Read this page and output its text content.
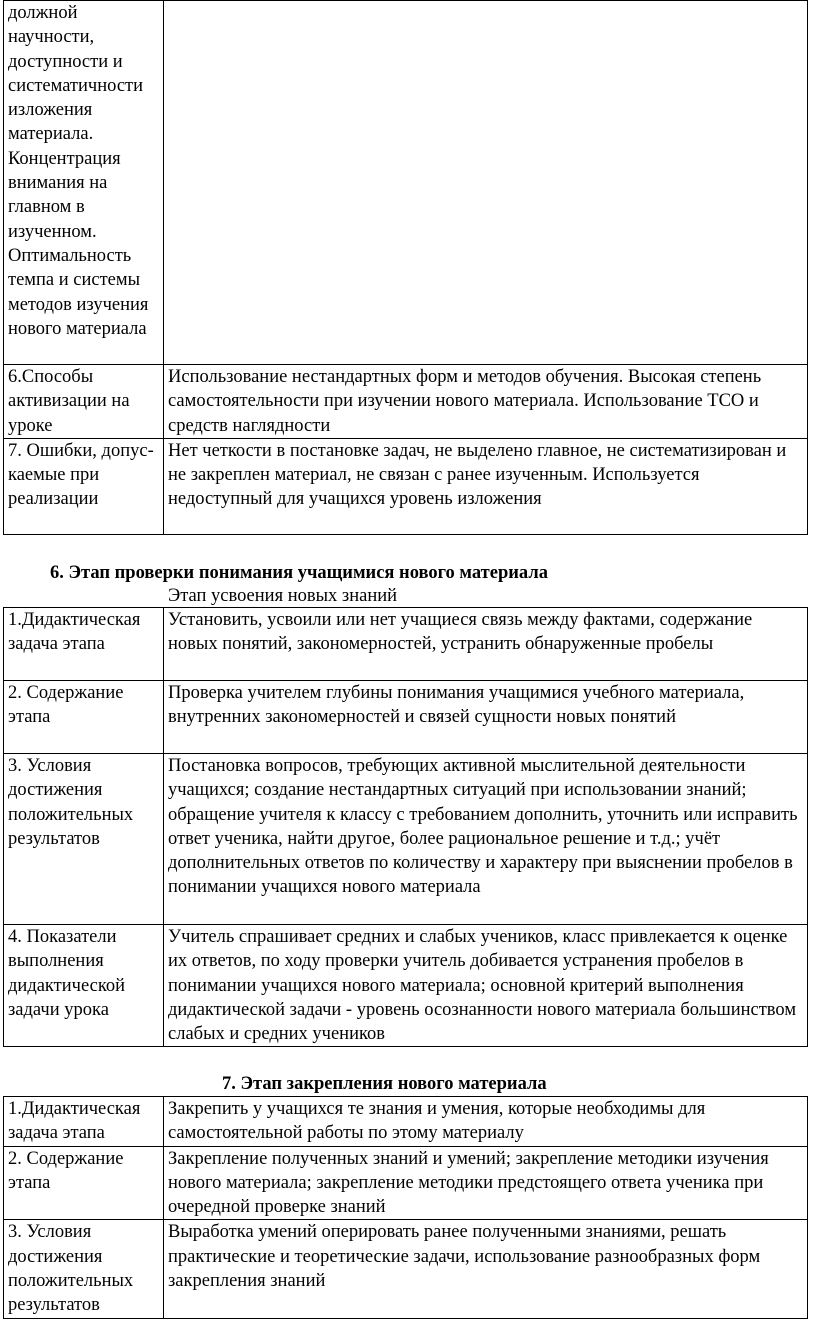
должной научности, доступности и систематичности изложения материала. Концентрация внимания на главном в изученном. Оптимальность темпа и системы методов изучения нового материала	
6.Способы активизации на уроке	Использование нестандартных форм и методов обучения. Высокая степень самостоятельности при изучении нового материала. Использование ТСО и средств наглядности
7. Ошибки, допус-каемые при реализации	Нет четкости в постановке задач, не выделено главное, не систематизирован и не закреплен материал, не связан с ранее изученным. Используется недоступный для учащихся уровень изложения
6. Этап проверки понимания учащимися нового материала
Этап усвоения новых знаний
1.Дидактическая задача этапа	Установить, усвоили или нет учащиеся связь между фактами, содержание новых понятий, закономерностей, устранить обнаруженные пробелы
2. Содержание этапа	Проверка учителем глубины понимания учащимися учебного материала, внутренних закономерностей и связей сущности новых понятий
3. Условия достижения положительных результатов	Постановка вопросов, требующих активной мыслительной деятельности учащихся; создание нестандартных ситуаций при использовании знаний; обращение учителя к классу с требованием дополнить, уточнить или исправить ответ ученика, найти другое, более рациональное решение и т.д.; учёт дополнительных ответов по количеству и характеру при выяснении пробелов в понимании учащихся нового материала
4. Показатели выполнения дидактической задачи урока	Учитель спрашивает средних и слабых учеников, класс привлекается к оценке их ответов, по ходу проверки учитель добивается устранения пробелов в понимании учащихся нового материала; основной критерий выполнения дидактической задачи - уровень осознанности нового материала большинством слабых и средних учеников
7. Этап закрепления нового материала
1.Дидактическая задача этапа	Закрепить у учащихся те знания и умения, которые необходимы для самостоятельной работы по этому материалу
2. Содержание этапа	Закрепление полученных знаний и умений; закрепление методики изучения нового материала; закрепление методики предстоящего ответа ученика при очередной проверке знаний
3. Условия достижения положительных результатов	Выработка умений оперировать ранее полученными знаниями, решать практические и теоретические задачи, использование разнообразных форм закрепления знаний
